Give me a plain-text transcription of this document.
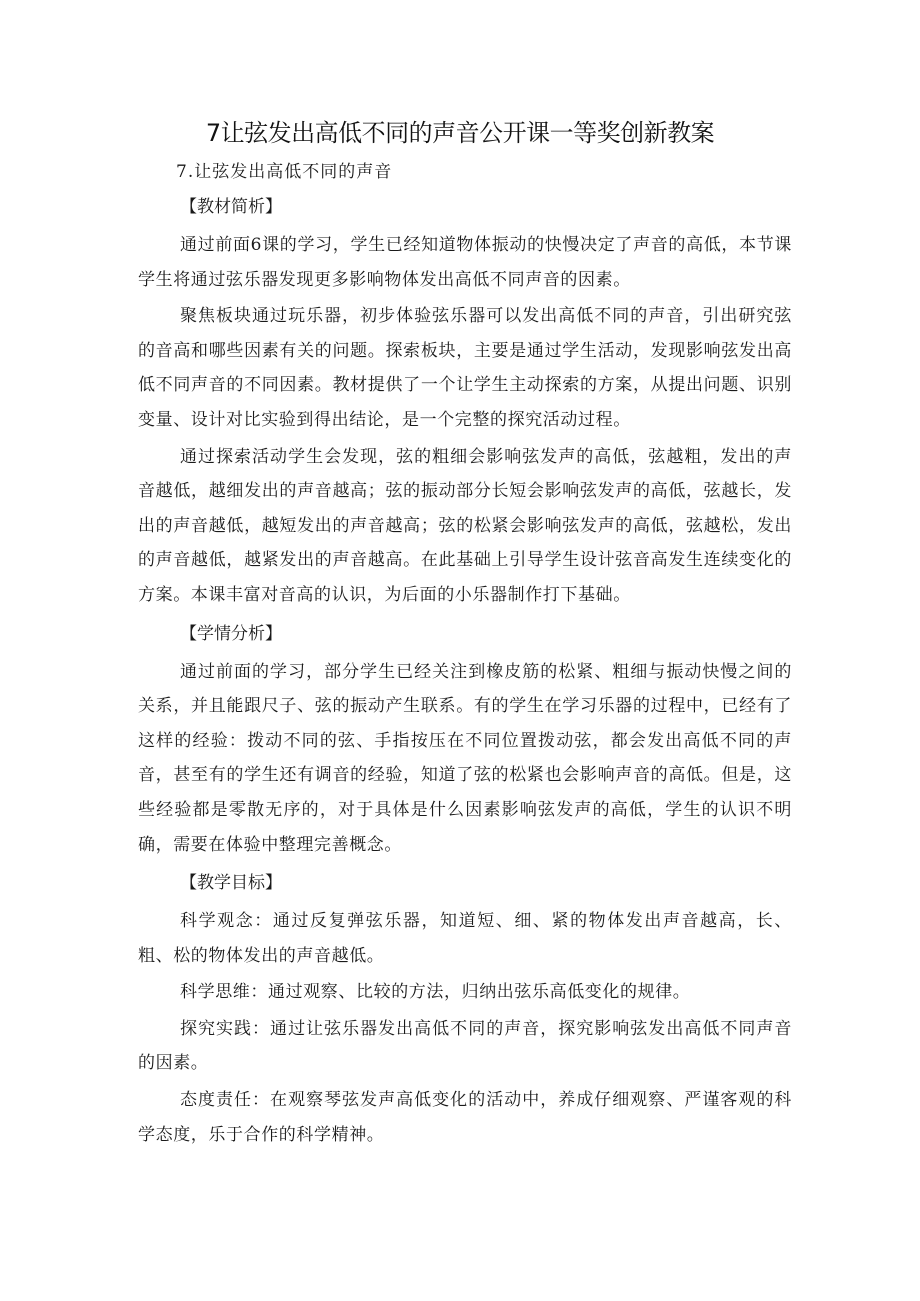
7让弦发出高低不同的声音公开课一等奖创新教案
7.让弦发出高低不同的声音
【教材简析】

通过前面6课的学习，学生已经知道物体振动的快慢决定了声音的高低，本节课学生将通过弦乐器发现更多影响物体发出高低不同声音的因素。

聚焦板块通过玩乐器，初步体验弦乐器可以发出高低不同的声音，引出研究弦的音高和哪些因素有关的问题。探索板块，主要是通过学生活动，发现影响弦发出高低不同声音的不同因素。教材提供了一个让学生主动探索的方案，从提出问题、识别变量、设计对比实验到得出结论，是一个完整的探究活动过程。

通过探索活动学生会发现，弦的粗细会影响弦发声的高低，弦越粗，发出的声音越低，越细发出的声音越高；弦的振动部分长短会影响弦发声的高低，弦越长，发出的声音越低，越短发出的声音越高；弦的松紧会影响弦发声的高低，弦越松，发出的声音越低，越紧发出的声音越高。在此基础上引导学生设计弦音高发生连续变化的方案。本课丰富对音高的认识，为后面的小乐器制作打下基础。

【学情分析】

通过前面的学习，部分学生已经关注到橡皮筋的松紧、粗细与振动快慢之间的关系，并且能跟尺子、弦的振动产生联系。有的学生在学习乐器的过程中，已经有了这样的经验：拨动不同的弦、手指按压在不同位置拨动弦，都会发出高低不同的声音，甚至有的学生还有调音的经验，知道了弦的松紧也会影响声音的高低。但是，这些经验都是零散无序的，对于具体是什么因素影响弦发声的高低，学生的认识不明确，需要在体验中整理完善概念。

【教学目标】

科学观念：通过反复弹弦乐器，知道短、细、紧的物体发出声音越高，长、粗、松的物体发出的声音越低。

科学思维：通过观察、比较的方法，归纳出弦乐高低变化的规律。

探究实践：通过让弦乐器发出高低不同的声音，探究影响弦发出高低不同声音的因素。

态度责任：在观察琴弦发声高低变化的活动中，养成仔细观察、严谨客观的科学态度，乐于合作的科学精神。
